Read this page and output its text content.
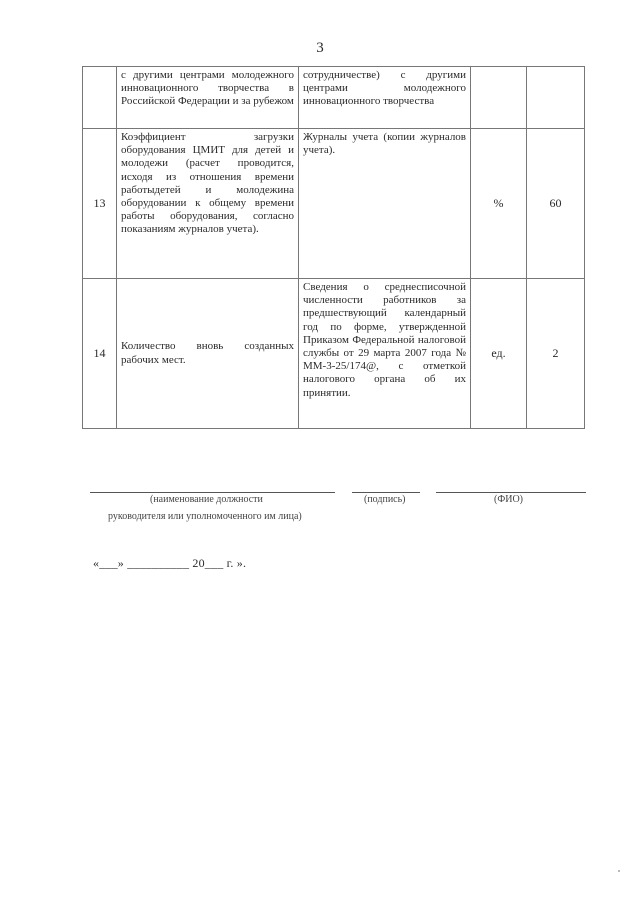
3
	с другими центрами молодежного инновационного творчества в Российской Федерации и за рубежом	сотрудничестве) с другими центрами молодежного инновационного творчества		
13	Коэффициент загрузки оборудования ЦМИТ для детей и молодежи (расчет проводится, исходя из отношения времени работыдетей и молодежина оборудовании к общему времени работы оборудования, согласно показаниям журналов учета).	Журналы учета (копии журналов учета).	%	60
14	Количество вновь созданных рабочих мест.	Сведения о среднесписочной численности работников за предшествующий календарный год по форме, утвержденной Приказом Федеральной налоговой службы от 29 марта 2007 года № ММ-3-25/174@, с отметкой налогового органа об их принятии.	ед.	2
(наименование должности	(подпись)	(ФИО)
руководителя или уполномоченного им лица)
«___» __________ 20___ г. ».
